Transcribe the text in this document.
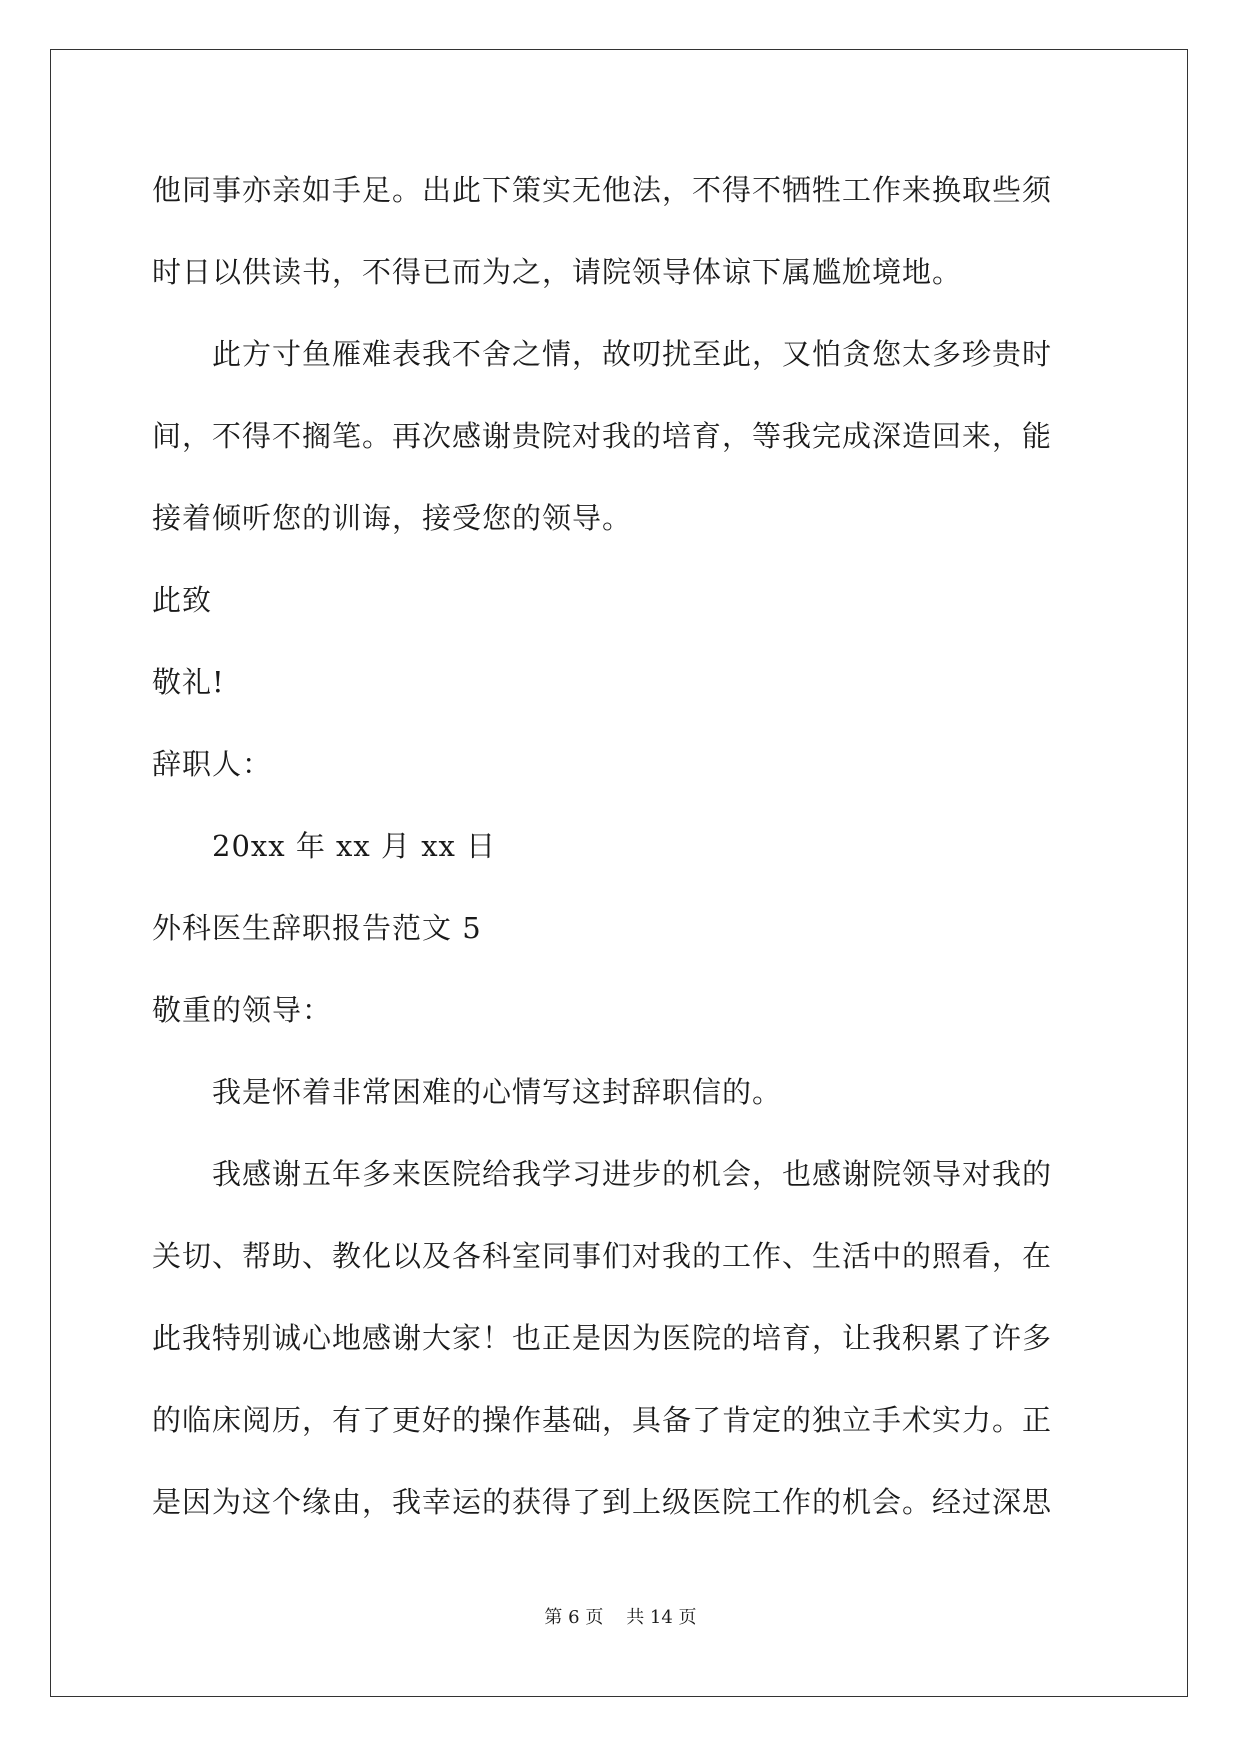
他同事亦亲如手足。出此下策实无他法，不得不牺牲工作来换取些须
时日以供读书，不得已而为之，请院领导体谅下属尴尬境地。
此方寸鱼雁难表我不舍之情，故叨扰至此，又怕贪您太多珍贵时
间，不得不搁笔。再次感谢贵院对我的培育，等我完成深造回来，能
接着倾听您的训诲，接受您的领导。
此致
敬礼!
辞职人：
20xx 年 xx 月 xx 日
外科医生辞职报告范文 5
敬重的领导：
我是怀着非常困难的心情写这封辞职信的。
我感谢五年多来医院给我学习进步的机会，也感谢院领导对我的
关切、帮助、教化以及各科室同事们对我的工作、生活中的照看，在
此我特别诚心地感谢大家！也正是因为医院的培育，让我积累了许多
的临床阅历，有了更好的操作基础，具备了肯定的独立手术实力。正
是因为这个缘由，我幸运的获得了到上级医院工作的机会。经过深思
第 6 页    共 14 页
